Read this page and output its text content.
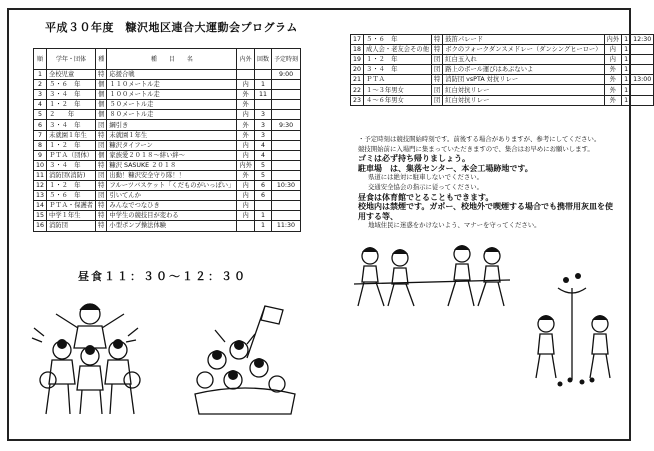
平成３０年度　糠沢地区連合大運動会プログラム
順	学年・団体	種	種　　目　　名	内外	回数	予定時刻
1	全校児童	特	応援合戦			9:00
2	５・６　年	個	１１０メートル走	内	1	
3	３・４　年	個	１００メートル走	外	11	
4	１・２　年	個	５０メートル走	外		
5	２　　年	個	８０メートル走	内	3	
6	３・４　年	団	綱引き	外	3	9:30
7	未就園１年生	特	未就園１年生	外	3	
8	１・２　年	団	糠沢タイフーン	内	4	
9	ＰＴＡ（団体）	個	家族愛２０１８～絆い絆～	内	4	
10	３・４　年	特	糠沢 SASUKE ２０１８	内外	5	
11	消防団(消防)	団	出動！糠沢安全守り隊！！	外	5	
12	１・２　年	特	フルーツバスケット「くだものがいっぱい」	内	6	10:30
13	５・６　年	団	引いてんか	内	6	
14	ＰＴＡ・保護者	特	みんなでつなひき	内		
15	中学１年生	特	中学生の競技目が変わる	内	1	
16	消防団	特	小型ポンプ操法体験		1	11:30
昼食１１：３０～１２：３０
17	５・６　年	特	鼓笛パレード	内外	1	12:30
18	成人会・老友会その他	特	ボクのフォークダンスメドレー（ダンシングヒーロー）	内	1	
19	１・２　年	団	紅白玉入れ	内	1	
20	３・４　年	団	路上のボール運びはあぶないよ	外	1	
21	ＰＴＡ	特	消防団 vsPTA 対抗リレー	外	1	13:00
22	１～３年男女	団	紅白対抗リレー	外	1	
23	４～６年男女	団	紅白対抗リレー	外	1	

・予定時刻は競技開始時刻です。前後する場合がありますが、参考にしてください。

競技開始前に入場門に集まっていただきますので、集合はお早めにお願いします。

ゴミは必ず持ち帰りましょう。

駐車場　は、集落センター、本会工場跡地です。

県道には絶対に駐車しないでください。

交通安全協会の指示に従ってください。

昼食は体育館でとることもできます。

校地内は禁煙です。ガポー、校地外で喫煙する場合でも携帯用灰皿を使用する等、

地域住民に迷惑をかけないよう、マナーを守ってください。
